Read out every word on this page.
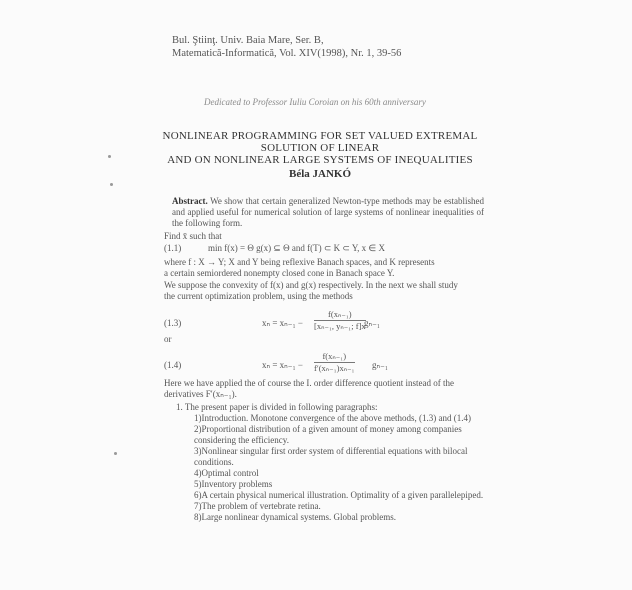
Bul. Ştiinţ. Univ. Baia Mare, Ser. B,
Matematică-Informatică, Vol. XIV(1998), Nr. 1, 39-56
Dedicated to Professor Iuliu Coroian on his 60th anniversary
NONLINEAR PROGRAMMING FOR SET VALUED EXTREMAL
SOLUTION OF LINEAR
AND ON NONLINEAR LARGE SYSTEMS OF INEQUALITIES
Béla JANKÓ
Abstract. We show that certain generalized Newton-type methods may be established and applied useful for numerical solution of large systems of nonlinear inequalities of the following form.
Find x̄ such that
(1.1)	min f(x) = Θ g(x) ⊆ Θ and f(T) ⊂ K ⊂ Y, x ∈ X
where f : X → Y; X and Y being reflexive Banach spaces, and K represents
a certain semiordered nonempty closed cone in Banach space Y.
We suppose the convexity of f(x) and g(x) respectively. In the next we shall study
the current optimization problem, using the methods
(1.3)	$x_n = x_{n-1} - \frac{\text{f(xₙ₋₁)}}{\text{[xₙ₋₁, yₙ₋₁; f]x}}$
gₙ₋₁
or
(1.4)	$x_n = x_{n-1} - \frac{\text{f(xₙ₋₁)}}{\text{f′(xₙ₋₁)xₙ₋₁}} g_{n-1}$
Here we have applied the of course the I. order difference quotient instead of the
derivatives F′(xₙ₋₁).
1. The present paper is divided in following paragraphs:
1)Introduction. Monotone convergence of the above methods, (1.3) and (1.4)
2)Proportional distribution of a given amount of money among companies considering the efficiency.
3)Nonlinear singular first order system of differential equations with bilocal conditions.
4)Optimal control
5)Inventory problems
6)A certain physical numerical illustration. Optimality of a given parallelepiped.
7)The problem of vertebrate retina.
8)Large nonlinear dynamical systems. Global problems.
